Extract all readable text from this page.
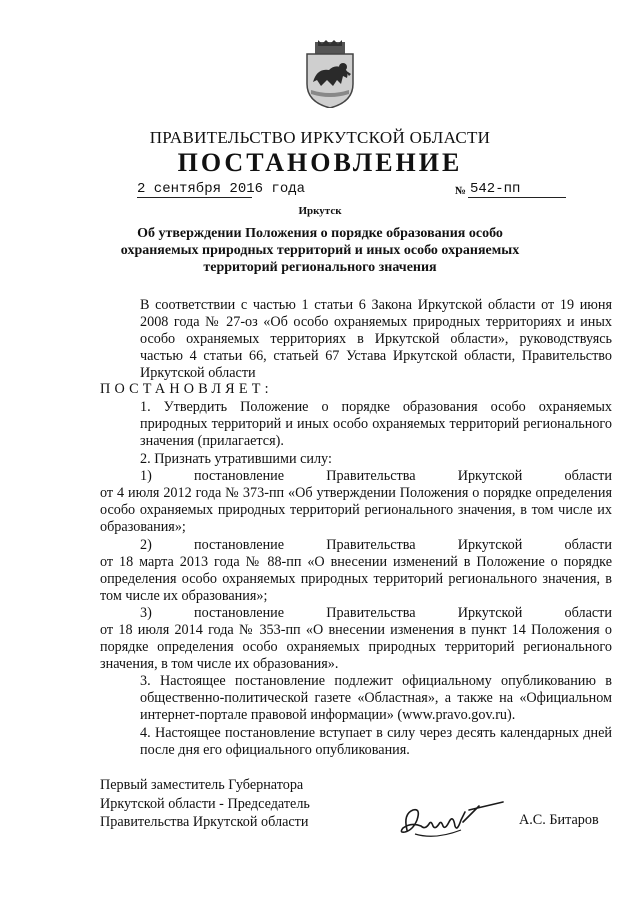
ПРАВИТЕЛЬСТВО ИРКУТСКОЙ ОБЛАСТИ
ПОСТАНОВЛЕНИЕ
2 сентября 2016 года	№ 542-пп
Иркутск
Об утверждении Положения о порядке образования особо охраняемых природных территорий и иных особо охраняемых территорий регионального значения
В соответствии с частью 1 статьи 6 Закона Иркутской области от 19 июня 2008 года № 27-оз «Об особо охраняемых природных территориях и иных особо охраняемых территориях в Иркутской области», руководствуясь частью 4 статьи 66, статьей 67 Устава Иркутской области, Правительство Иркутской области
ПОСТАНОВЛЯЕТ:
1. Утвердить Положение о порядке образования особо охраняемых природных территорий и иных особо охраняемых территорий регионального значения (прилагается).
2. Признать утратившими силу:
1)	постановление	Правительства	Иркутской	области
от 4 июля 2012 года № 373-пп «Об утверждении Положения о порядке определения особо охраняемых природных территорий регионального значения, в том числе их образования»;
2)	постановление	Правительства	Иркутской	области
от 18 марта 2013 года № 88-пп «О внесении изменений в Положение о порядке определения особо охраняемых природных территорий регионального значения, в том числе их образования»;
3)	постановление	Правительства	Иркутской	области
от 18 июля 2014 года № 353-пп «О внесении изменения в пункт 14 Положения о порядке определения особо охраняемых природных территорий регионального значения, в том числе их образования».
3. Настоящее постановление подлежит официальному опубликованию в общественно-политической газете «Областная», а также на «Официальном интернет-портале правовой информации» (www.pravo.gov.ru).
4. Настоящее постановление вступает в силу через десять календарных дней после дня его официального опубликования.
Первый заместитель Губернатора
Иркутской области - Председатель
Правительства Иркутской области	А.С. Битаров
